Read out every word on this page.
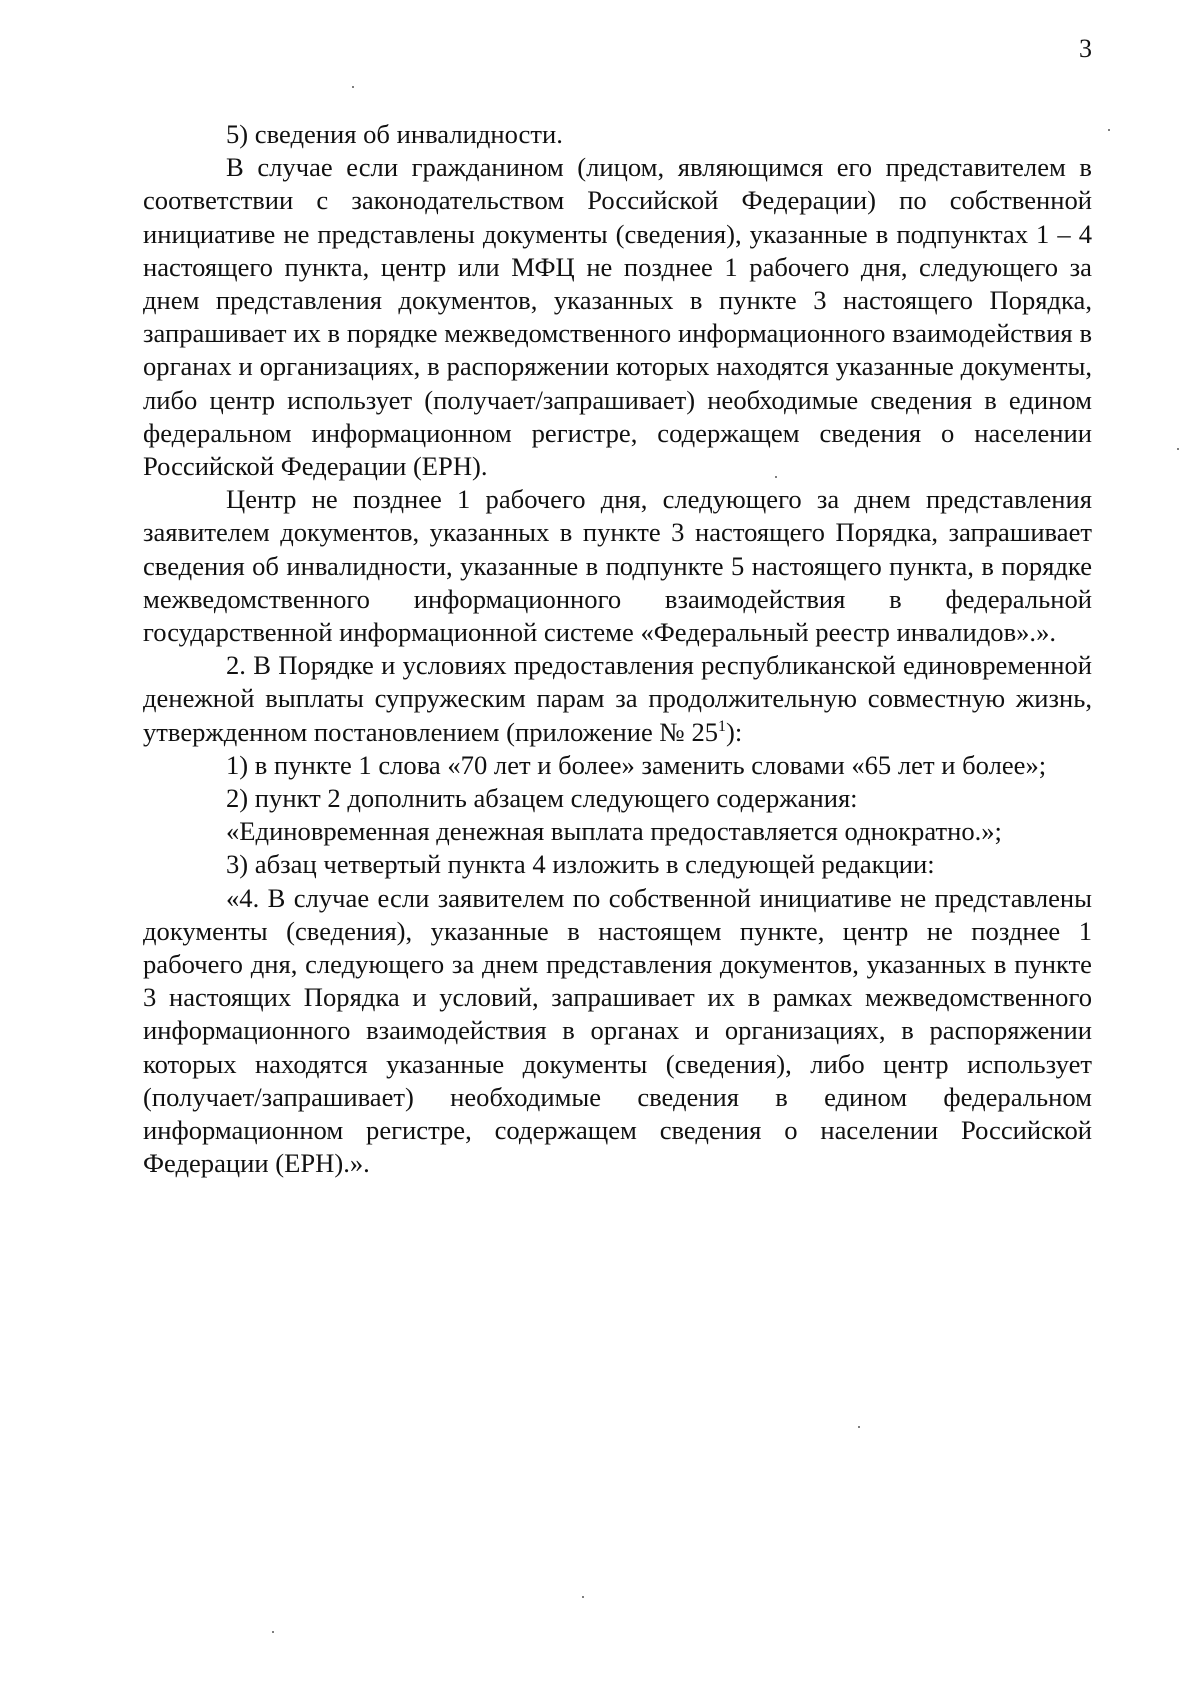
3

5) сведения об инвалидности.

В случае если гражданином (лицом, являющимся его представителем в соответствии с законодательством Российской Федерации) по собственной инициативе не представлены документы (сведения), указанные в подпунктах 1 – 4 настоящего пункта, центр или МФЦ не позднее 1 рабочего дня, следующего за днем представления документов, указанных в пункте 3 настоящего Порядка, запрашивает их в порядке межведомственного информационного взаимодействия в органах и организациях, в распоряжении которых находятся указанные документы, либо центр использует (получает/запрашивает) необходимые сведения в едином федеральном информационном регистре, содержащем сведения о населении Российской Федерации (ЕРН).

Центр не позднее 1 рабочего дня, следующего за днем представления заявителем документов, указанных в пункте 3 настоящего Порядка, запрашивает сведения об инвалидности, указанные в подпункте 5 настоящего пункта, в порядке межведомственного информационного взаимодействия в федеральной государственной информационной системе «Федеральный реестр инвалидов».».

2. В Порядке и условиях предоставления республиканской единовременной денежной выплаты супружеским парам за продолжительную совместную жизнь, утвержденном постановлением (приложение № $25^1$):

1) в пункте 1 слова «70 лет и более» заменить словами «65 лет и более»;

2) пункт 2 дополнить абзацем следующего содержания:

«Единовременная денежная выплата предоставляется однократно.»;

3) абзац четвертый пункта 4 изложить в следующей редакции:

«4. В случае если заявителем по собственной инициативе не представлены документы (сведения), указанные в настоящем пункте, центр не позднее 1 рабочего дня, следующего за днем представления документов, указанных в пункте 3 настоящих Порядка и условий, запрашивает их в рамках межведомственного информационного взаимодействия в органах и организациях, в распоряжении которых находятся указанные документы (сведения), либо центр использует (получает/запрашивает) необходимые сведения в едином федеральном информационном регистре, содержащем сведения о населении Российской Федерации (ЕРН).».
